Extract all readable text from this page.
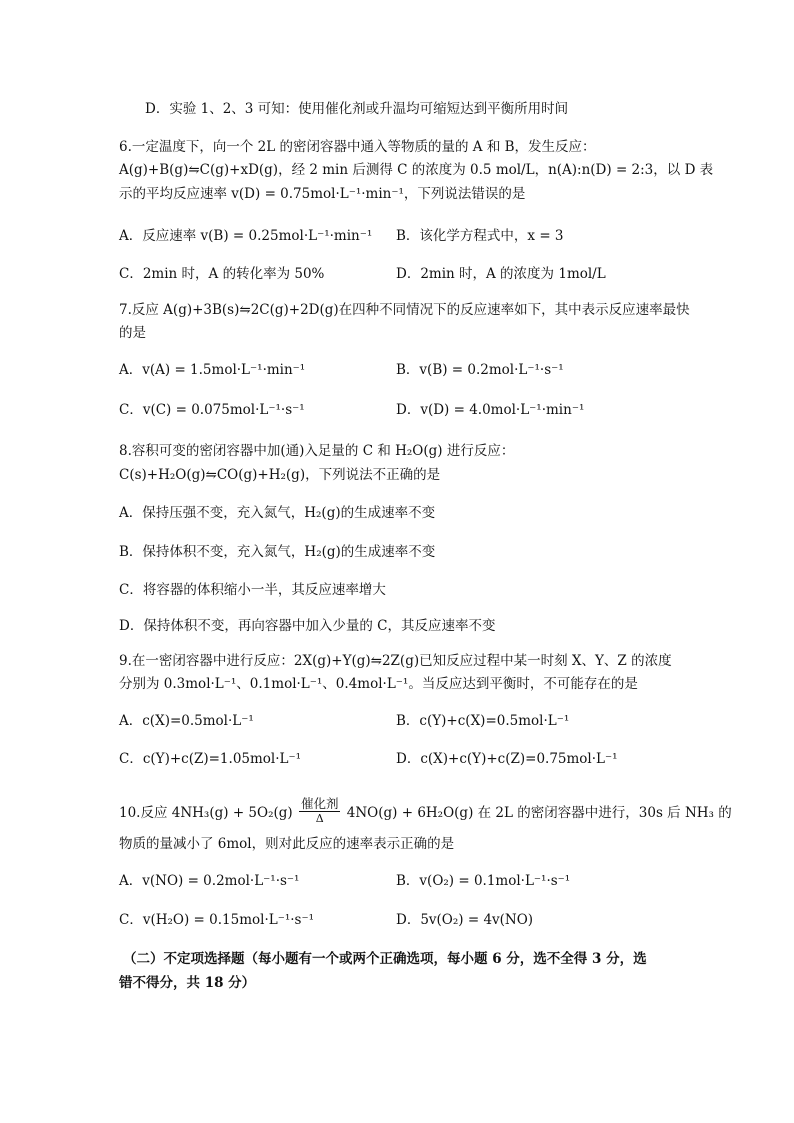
D．实验 1、2、3 可知：使用催化剂或升温均可缩短达到平衡所用时间
6.一定温度下，向一个 2L 的密闭容器中通入等物质的量的 A 和 B，发生反应：
A(g)+B(g)⇋C(g)+xD(g)，经 2 min 后测得 C 的浓度为 0.5 mol/L，n(A):n(D) = 2:3，以 D 表
示的平均反应速率 v(D) = 0.75mol·L⁻¹·min⁻¹，下列说法错误的是
A．反应速率 v(B) = 0.25mol·L⁻¹·min⁻¹ B．该化学方程式中，x = 3
C．2min 时，A 的转化率为 50%	D．2min 时，A 的浓度为 1mol/L
7.反应 A(g)+3B(s)⇋2C(g)+2D(g)在四种不同情况下的反应速率如下，其中表示反应速率最快
的是
A．v(A) = 1.5mol·L⁻¹·min⁻¹	B．v(B) = 0.2mol·L⁻¹·s⁻¹
C．v(C) = 0.075mol·L⁻¹·s⁻¹	D．v(D) = 4.0mol·L⁻¹·min⁻¹
8.容积可变的密闭容器中加(通)入足量的 C 和 H₂O(g) 进行反应：
C(s)+H₂O(g)⇋CO(g)+H₂(g)，下列说法不正确的是
A．保持压强不变，充入氮气，H₂(g)的生成速率不变
B．保持体积不变，充入氮气，H₂(g)的生成速率不变
C．将容器的体积缩小一半，其反应速率增大
D．保持体积不变，再向容器中加入少量的 C，其反应速率不变
9.在一密闭容器中进行反应：2X(g)+Y(g)⇋2Z(g)已知反应过程中某一时刻 X、Y、Z 的浓度
分别为 0.3mol·L⁻¹、0.1mol·L⁻¹、0.4mol·L⁻¹。当反应达到平衡时，不可能存在的是
A．c(X)=0.5mol·L⁻¹	B．c(Y)+c(X)=0.5mol·L⁻¹
C．c(Y)+c(Z)=1.05mol·L⁻¹	D．c(X)+c(Y)+c(Z)=0.75mol·L⁻¹
10.反应 $4NH_3(g) + 5O_2(g) \frac{\text{催化剂}}{\Delta} 4NO(g) + 6H_2O(g)$ 在 2L 的密闭容器中进行，30s 后 NH₃ 的
物质的量减小了 6mol，则对此反应的速率表示正确的是
A．v(NO) = 0.2mol·L⁻¹·s⁻¹	B．v(O₂) = 0.1mol·L⁻¹·s⁻¹
C．v(H₂O) = 0.15mol·L⁻¹·s⁻¹	D．5v(O₂) = 4v(NO)
（二）不定项选择题（每小题有一个或两个正确选项，每小题 6 分，选不全得 3 分，选
错不得分，共 18 分）
